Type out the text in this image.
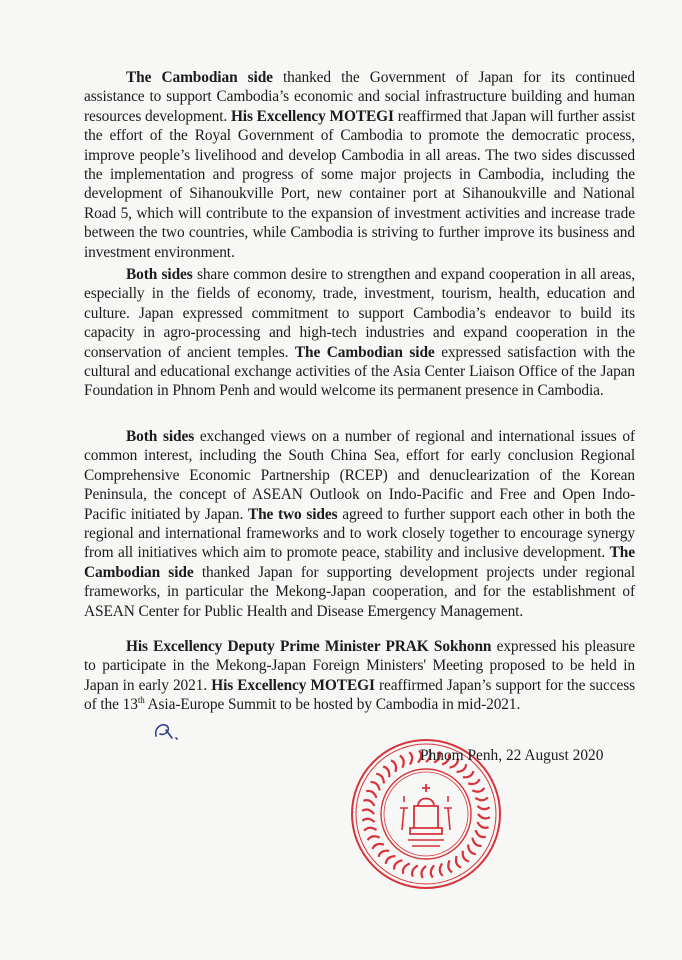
The Cambodian side thanked the Government of Japan for its continued assistance to support Cambodia’s economic and social infrastructure building and human resources development. His Excellency MOTEGI reaffirmed that Japan will further assist the effort of the Royal Government of Cambodia to promote the democratic process, improve people’s livelihood and develop Cambodia in all areas. The two sides discussed the implementation and progress of some major projects in Cambodia, including the development of Sihanoukville Port, new container port at Sihanoukville and National Road 5, which will contribute to the expansion of investment activities and increase trade between the two countries, while Cambodia is striving to further improve its business and investment environment.

Both sides share common desire to strengthen and expand cooperation in all areas, especially in the fields of economy, trade, investment, tourism, health, education and culture. Japan expressed commitment to support Cambodia’s endeavor to build its capacity in agro-processing and high-tech industries and expand cooperation in the conservation of ancient temples. The Cambodian side expressed satisfaction with the cultural and educational exchange activities of the Asia Center Liaison Office of the Japan Foundation in Phnom Penh and would welcome its permanent presence in Cambodia.

Both sides exchanged views on a number of regional and international issues of common interest, including the South China Sea, effort for early conclusion Regional Comprehensive Economic Partnership (RCEP) and denuclearization of the Korean Peninsula, the concept of ASEAN Outlook on Indo-Pacific and Free and Open Indo-Pacific initiated by Japan. The two sides agreed to further support each other in both the regional and international frameworks and to work closely together to encourage synergy from all initiatives which aim to promote peace, stability and inclusive development. The Cambodian side thanked Japan for supporting development projects under regional frameworks, in particular the Mekong-Japan cooperation, and for the establishment of ASEAN Center for Public Health and Disease Emergency Management.

His Excellency Deputy Prime Minister PRAK Sokhonn expressed his pleasure to participate in the Mekong-Japan Foreign Ministers' Meeting proposed to be held in Japan in early 2021. His Excellency MOTEGI reaffirmed Japan’s support for the success of the 13th Asia-Europe Summit to be hosted by Cambodia in mid-2021.

Phnom Penh, 22 August 2020
